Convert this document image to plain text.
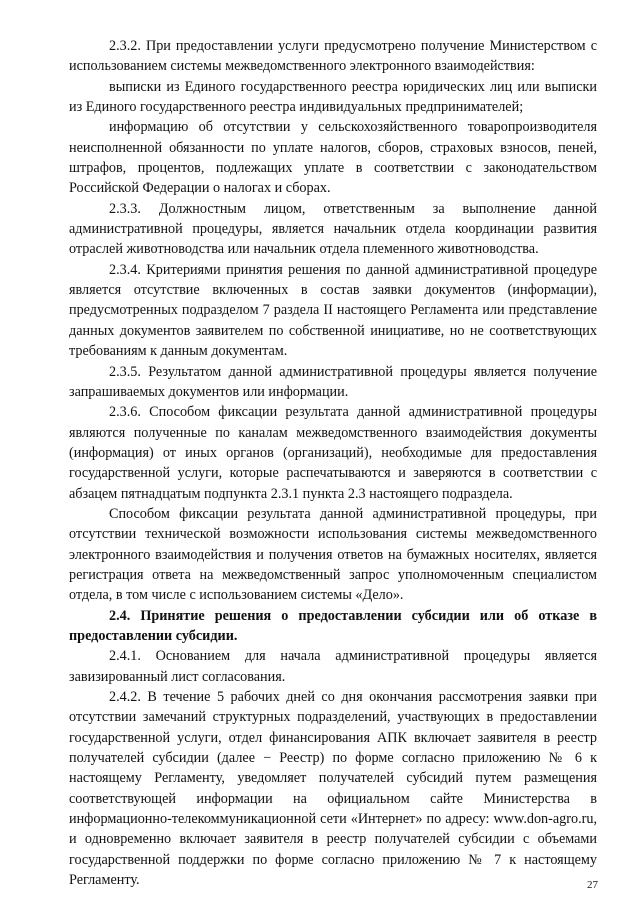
2.3.2. При предоставлении услуги предусмотрено получение Министерством с использованием системы межведомственного электронного взаимодействия:

выписки из Единого государственного реестра юридических лиц или выписки из Единого государственного реестра индивидуальных предпринимателей;

информацию об отсутствии у сельскохозяйственного товаропроизводителя неисполненной обязанности по уплате налогов, сборов, страховых взносов, пеней, штрафов, процентов, подлежащих уплате в соответствии с законодательством Российской Федерации о налогах и сборах.

2.3.3. Должностным лицом, ответственным за выполнение данной административной процедуры, является начальник отдела координации развития отраслей животноводства или начальник отдела племенного животноводства.

2.3.4. Критериями принятия решения по данной административной процедуре является отсутствие включенных в состав заявки документов (информации), предусмотренных подразделом 7 раздела II настоящего Регламента или представление данных документов заявителем по собственной инициативе, но не соответствующих требованиям к данным документам.

2.3.5. Результатом данной административной процедуры является получение запрашиваемых документов или информации.

2.3.6. Способом фиксации результата данной административной процедуры являются полученные по каналам межведомственного взаимодействия документы (информация) от иных органов (организаций), необходимые для предоставления государственной услуги, которые распечатываются и заверяются в соответствии с абзацем пятнадцатым подпункта 2.3.1 пункта 2.3 настоящего подраздела.

Способом фиксации результата данной административной процедуры, при отсутствии технической возможности использования системы межведомственного электронного взаимодействия и получения ответов на бумажных носителях, является регистрация ответа на межведомственный запрос уполномоченным специалистом отдела, в том числе с использованием системы «Дело».

2.4. Принятие решения о предоставлении субсидии или об отказе в предоставлении субсидии.

2.4.1. Основанием для начала административной процедуры является завизированный лист согласования.

2.4.2. В течение 5 рабочих дней со дня окончания рассмотрения заявки при отсутствии замечаний структурных подразделений, участвующих в предоставлении государственной услуги, отдел финансирования АПК включает заявителя в реестр получателей субсидии (далее − Реестр) по форме согласно приложению № 6 к настоящему Регламенту, уведомляет получателей субсидий путем размещения соответствующей информации на официальном сайте Министерства в информационно-телекоммуникационной сети «Интернет» по адресу: www.don-agro.ru, и одновременно включает заявителя в реестр получателей субсидии с объемами государственной поддержки по форме согласно приложению № 7 к настоящему Регламенту.	27
